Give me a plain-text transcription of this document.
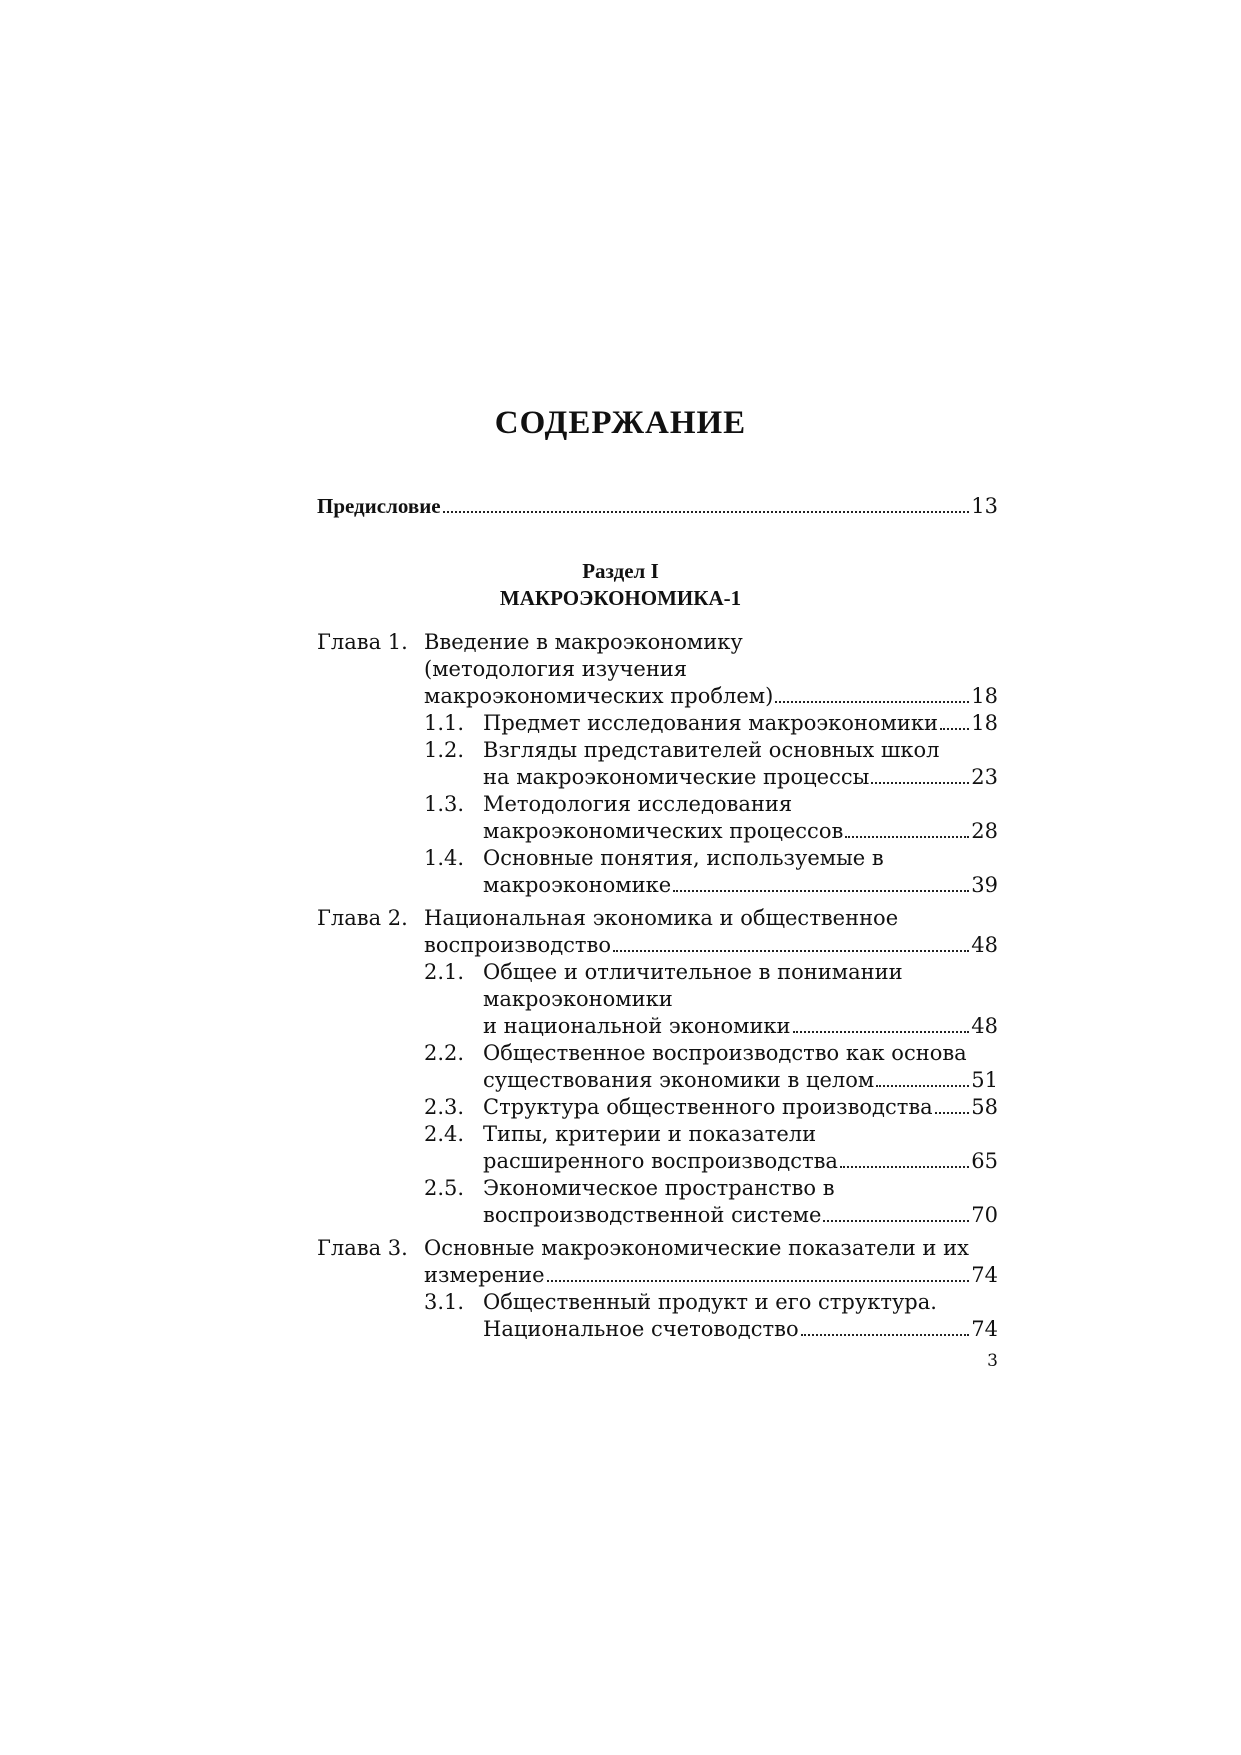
СОДЕРЖАНИЕ
Предисловие	13
Раздел I
МАКРОЭКОНОМИКА-1
Глава 1. Введение в макроэкономику
(методология изучения
макроэкономических проблем)	18
1.1. Предмет исследования макроэкономики 18
1.2. Взгляды представителей основных школ
на макроэкономические процессы	23
1.3. Методология исследования
макроэкономических процессов	28
1.4. Основные понятия, используемые в
макроэкономике	39
Глава 2. Национальная экономика и общественное
воспроизводство	48
2.1. Общее и отличительное в понимании
макроэкономики
и национальной экономики	48
2.2. Общественное воспроизводство как основа
существования экономики в целом	51
2.3. Структура общественного производства 58
2.4. Типы, критерии и показатели
расширенного воспроизводства	65
2.5. Экономическое пространство в
воспроизводственной системе	70
Глава 3. Основные макроэкономические показатели и их
измерение	74
3.1. Общественный продукт и его структура.
Национальное счетоводство	74
3
